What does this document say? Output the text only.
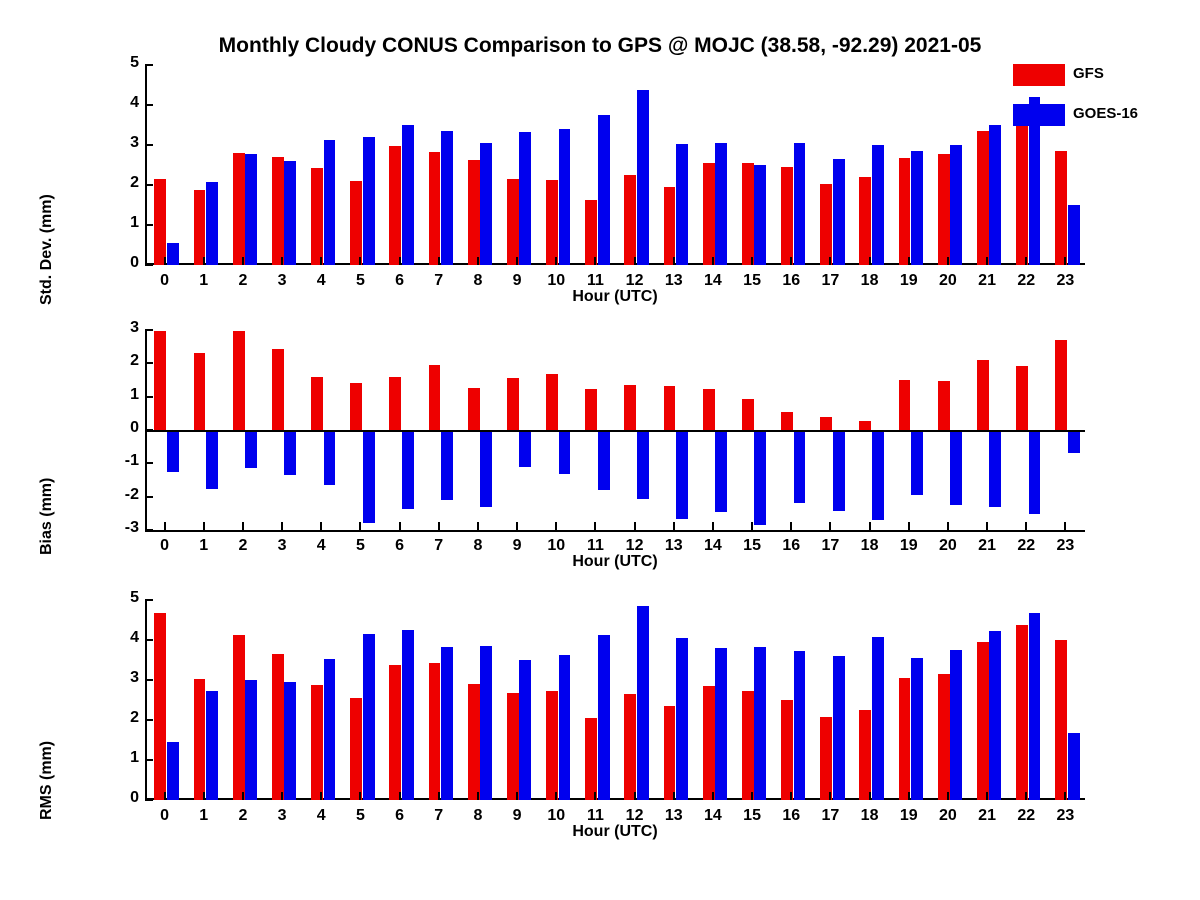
Monthly Cloudy CONUS Comparison to GPS @ MOJC (38.58, -92.29) 2021-05
Std. Dev. (mm)	Hour (UTC)
0
1
2
3
4
5
0	1	2	3	4	5	6	7	8	9	10	11	12	13	14	15	16	17	18	19	20	21	22	23
GFS
GOES-16
Bias (mm)
Hour (UTC)
-3
-2
-1
0
1
2
3
0	1	2	3	4	5	6	7	8	9	10	11	12	13	14	15	16	17	18	19	20	21	22	23
RMS (mm)
Hour (UTC)
0
1
2
3
4
5
0	1	2	3	4	5	6	7	8	9	10	11	12	13	14	15	16	17	18	19	20	21	22	23
